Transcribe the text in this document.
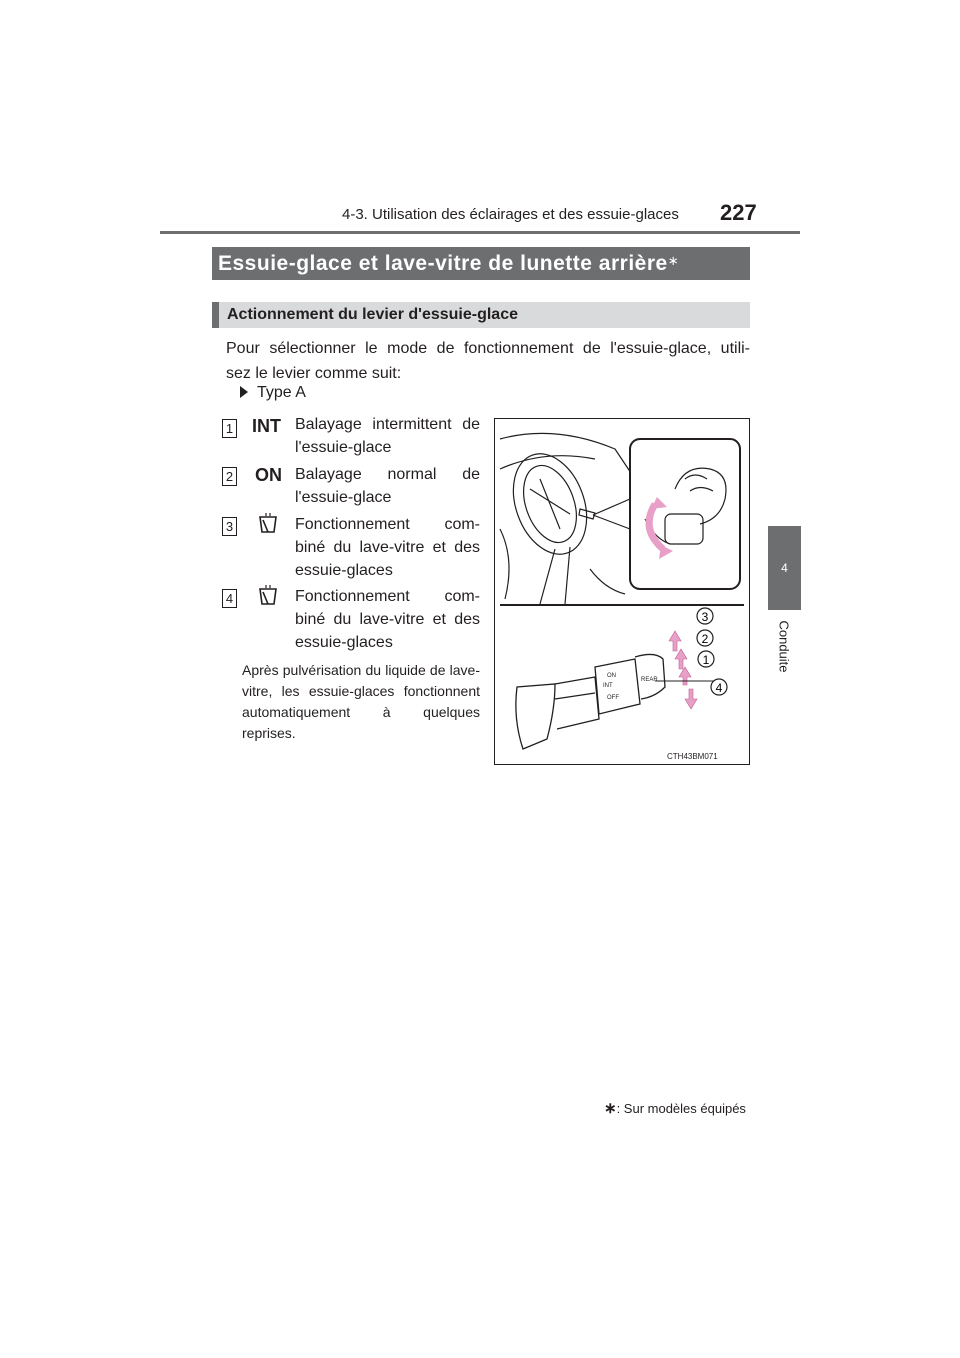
4-3. Utilisation des éclairages et des essuie-glaces 227
4
Conduite
Essuie-glace et lave-vitre de lunette arrière∗
Actionnement du levier d'essuie-glace
Pour sélectionner le mode de fonctionnement de l'essuie-glace, utili-
sez le levier comme suit:
Type A
1 INT Balayage intermittent de
l'essuie-glace
2 ON Balayage normal de
l'essuie-glace
3	Fonctionnement com-
biné du lave-vitre et des
essuie-glaces
4	Fonctionnement com-
biné du lave-vitre et des
essuie-glaces
Après pulvérisation du liquide de lave-vitre, les essuie-glaces fonctionnent automatiquement à quelques reprises.
INT
ON
OFF
REAR
3
2
1
4
CTH43BM071
∗: Sur modèles équipés
